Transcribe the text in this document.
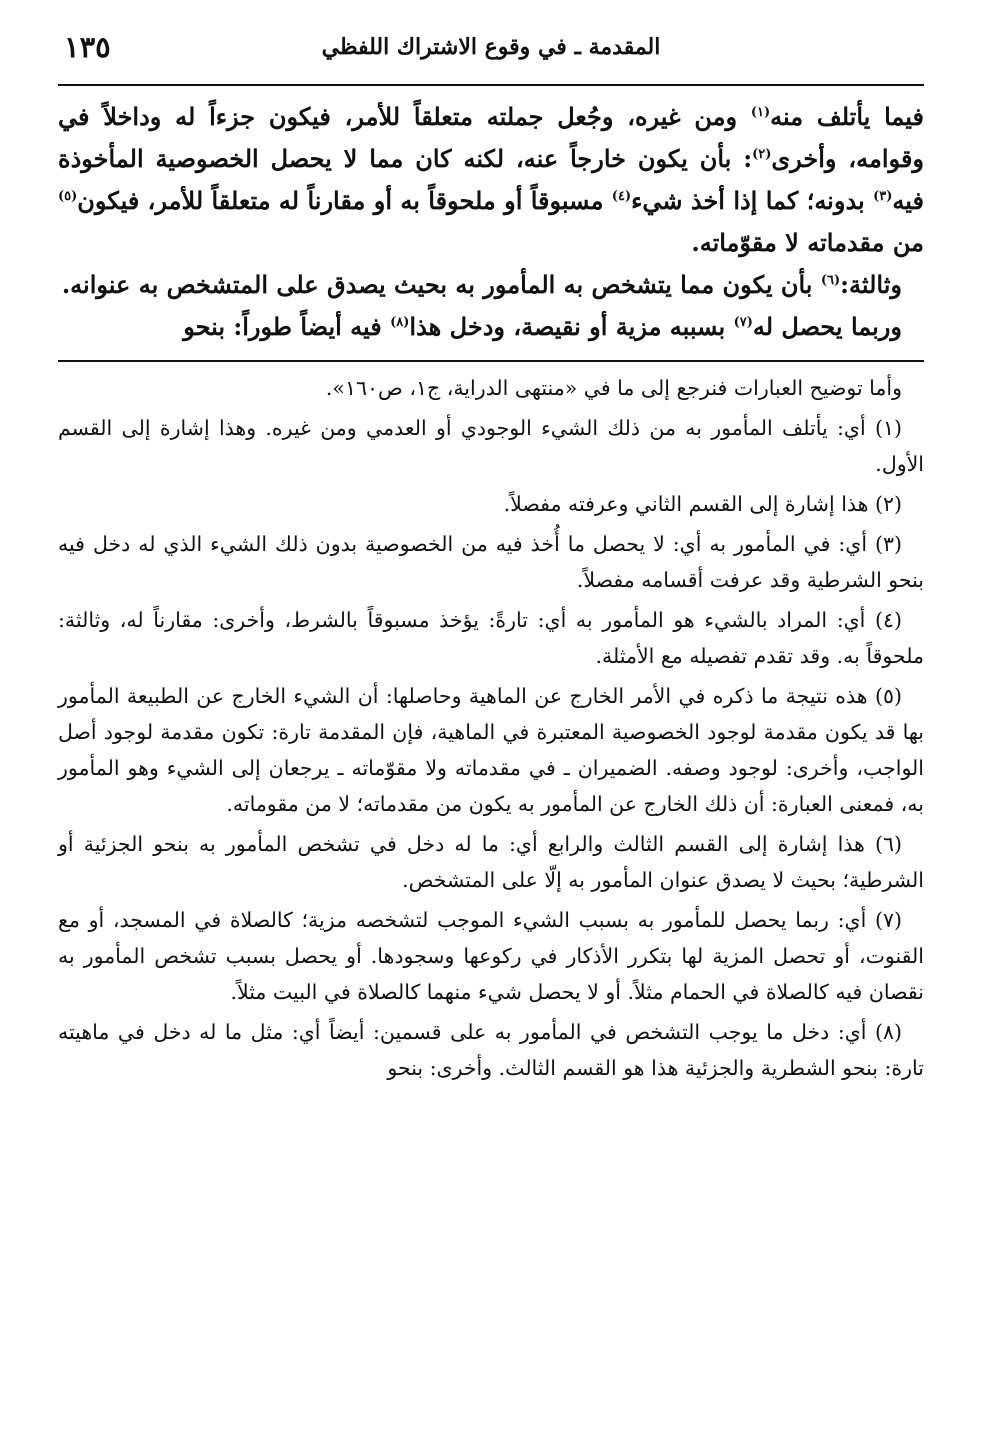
المقدمة ـ في وقوع الاشتراك اللفظي
١٣٥

فيما يأتلف منه$^{(١)}$ ومن غيره، وجُعل جملته متعلقاً للأمر، فيكون جزءاً له وداخلاً في وقوامه، وأخرى$^{(٢)}$: بأن يكون خارجاً عنه، لكنه كان مما لا يحصل الخصوصية المأخوذة فيه$^{(٣)}$ بدونه؛ كما إذا أخذ شيء$^{(٤)}$ مسبوقاً أو ملحوقاً به أو مقارناً له متعلقاً للأمر، فيكون$^{(٥)}$ من مقدماته لا مقوّماته.

وثالثة:$^{(٦)}$ بأن يكون مما يتشخص به المأمور به بحيث يصدق على المتشخص به عنوانه.

وربما يحصل له$^{(٧)}$ بسببه مزية أو نقيصة، ودخل هذا$^{(٨)}$ فيه أيضاً طوراً: بنحو

وأما توضيح العبارات فنرجع إلى ما في «منتهى الدراية، ج١، ص١٦٠».

(١) أي: يأتلف المأمور به من ذلك الشيء الوجودي أو العدمي ومن غيره. وهذا إشارة إلى القسم الأول.

(٢) هذا إشارة إلى القسم الثاني وعرفته مفصلاً.

(٣) أي: في المأمور به أي: لا يحصل ما أُخذ فيه من الخصوصية بدون ذلك الشيء الذي له دخل فيه بنحو الشرطية وقد عرفت أقسامه مفصلاً.

(٤) أي: المراد بالشيء هو المأمور به أي: تارةً: يؤخذ مسبوقاً بالشرط، وأخرى: مقارناً له، وثالثة: ملحوقاً به. وقد تقدم تفصيله مع الأمثلة.

(٥) هذه نتيجة ما ذكره في الأمر الخارج عن الماهية وحاصلها: أن الشيء الخارج عن الطبيعة المأمور بها قد يكون مقدمة لوجود الخصوصية المعتبرة في الماهية، فإن المقدمة تارة: تكون مقدمة لوجود أصل الواجب، وأخرى: لوجود وصفه. الضميران ـ في مقدماته ولا مقوّماته ـ يرجعان إلى الشيء وهو المأمور به، فمعنى العبارة: أن ذلك الخارج عن المأمور به يكون من مقدماته؛ لا من مقوماته.

(٦) هذا إشارة إلى القسم الثالث والرابع أي: ما له دخل في تشخص المأمور به بنحو الجزئية أو الشرطية؛ بحيث لا يصدق عنوان المأمور به إلّا على المتشخص.

(٧) أي: ربما يحصل للمأمور به بسبب الشيء الموجب لتشخصه مزية؛ كالصلاة في المسجد، أو مع القنوت، أو تحصل المزية لها بتكرر الأذكار في ركوعها وسجودها. أو يحصل بسبب تشخص المأمور به نقصان فيه كالصلاة في الحمام مثلاً. أو لا يحصل شيء منهما كالصلاة في البيت مثلاً.

(٨) أي: دخل ما يوجب التشخص في المأمور به على قسمين: أيضاً أي: مثل ما له دخل في ماهيته تارة: بنحو الشطرية والجزئية هذا هو القسم الثالث. وأخرى: بنحو
